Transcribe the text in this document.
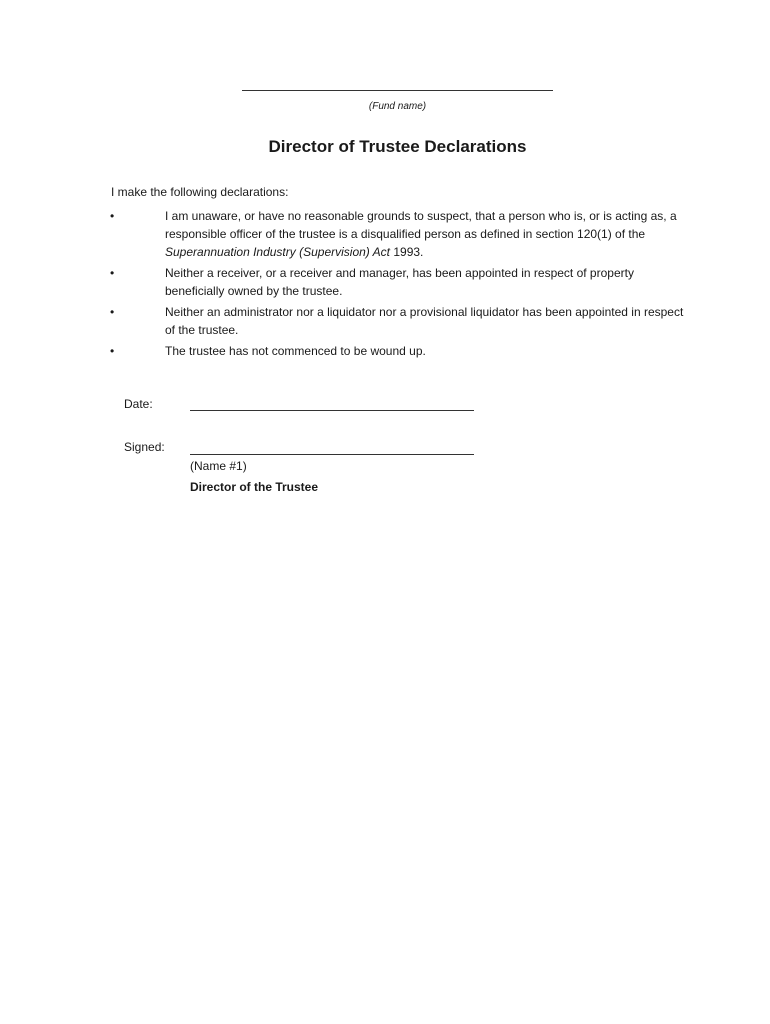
(Fund name)
Director of Trustee Declarations
I make the following declarations:
•	I am unaware, or have no reasonable grounds to suspect, that a person who is, or is acting as, a responsible officer of the trustee is a disqualified person as defined in section 120(1) of the Superannuation Industry (Supervision) Act 1993.
•	Neither a receiver, or a receiver and manager, has been appointed in respect of property beneficially owned by the trustee.
•	Neither an administrator nor a liquidator nor a provisional liquidator has been appointed in respect of the trustee.
•	The trustee has not commenced to be wound up.
Date:
Signed:
(Name #1)
Director of the Trustee
